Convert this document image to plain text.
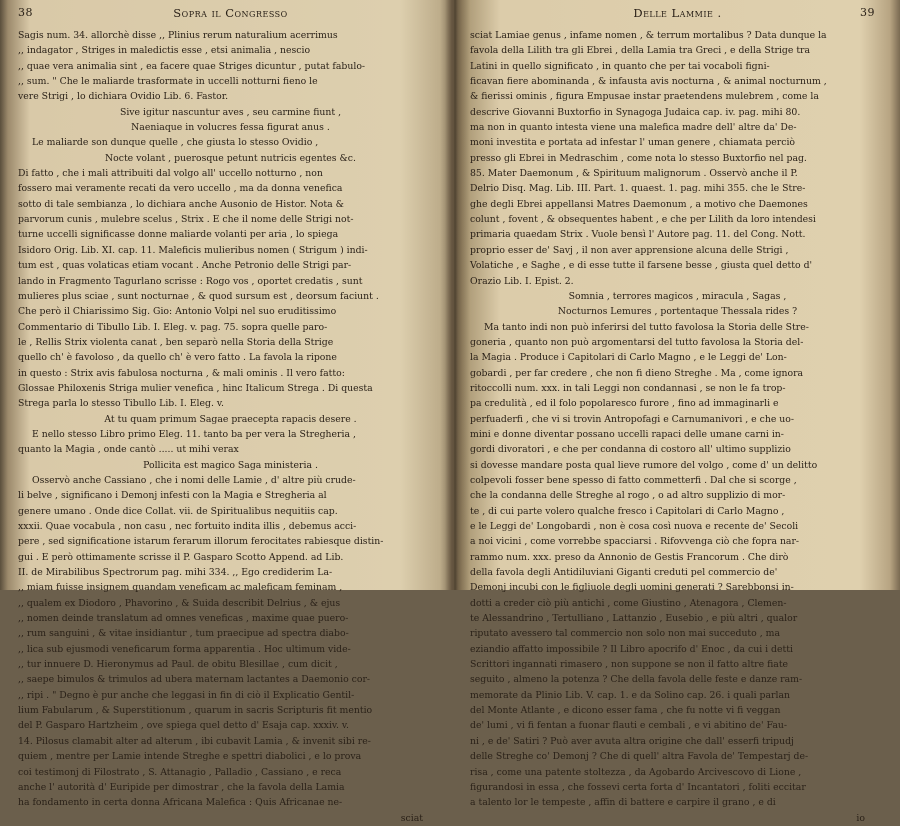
38	Sopra il Congresso
Sagis num. 34. allorchè disse ,, Plinius rerum naturalium acerrimus
,, indagator , Striges in maledictis esse , etsi animalia , nescio
,, quae vera animalia sint , ea facere quae Striges dicuntur , putat fabulo-
,, sum. " Che le maliarde trasformate in uccelli notturni fieno le
vere Strigi , lo dichiara Ovidio Lib. 6. Fastor.
Sive igitur nascuntur aves , seu carmine fiunt ,
Naeniaque in volucres fessa figurat anus .
Le maliarde son dunque quelle , che giusta lo stesso Ovidio ,
Nocte volant , puerosque petunt nutricis egentes &c.
Di fatto , che i mali attribuiti dal volgo all' uccello notturno , non
fossero mai veramente recati da vero uccello , ma da donna venefica
sotto di tale sembianza , lo dichiara anche Ausonio de Histor. Nota &
parvorum cunis , mulebre scelus , Strix . E che il nome delle Strigi not-
turne uccelli significasse donne maliarde volanti per aria , lo spiega
Isidoro Orig. Lib. XI. cap. 11. Maleficis mulieribus nomen ( Strigum ) indi-
tum est , quas volaticas etiam vocant . Anche Petronio delle Strigi par-
lando in Fragmento Tagurlano scrisse : Rogo vos , oportet credatis , sunt
mulieres plus sciae , sunt nocturnae , & quod sursum est , deorsum faciunt .
Che però il Chiarissimo Sig. Gio: Antonio Volpi nel suo eruditissimo
Commentario di Tibullo Lib. I. Eleg. v. pag. 75. sopra quelle paro-
le , Rellis Strix violenta canat , ben separò nella Storia della Strige
quello ch' è favoloso , da quello ch' è vero fatto . La favola la ripone
in questo : Strix avis fabulosa nocturna , & mali ominis . Il vero fatto:
Glossae Philoxenis Striga mulier venefica , hinc Italicum Strega . Di questa
Strega parla lo stesso Tibullo Lib. I. Eleg. v.
At tu quam primum Sagae praecepta rapacis desere .
E nello stesso Libro primo Eleg. 11. tanto ba per vera la Stregheria ,
quanto la Magia , onde cantò ..... ut mihi verax
Pollicita est magico Saga ministeria .
Osservò anche Cassiano , che i nomi delle Lamie , d' altre più crude-
li belve , significano i Demonj infesti con la Magia e Stregheria al
genere umano . Onde dice Collat. vii. de Spiritualibus nequitiis cap.
xxxii. Quae vocabula , non casu , nec fortuito indita illis , debemus acci-
pere , sed significatione istarum ferarum illorum ferocitates rabiesque distin-
gui . E però ottimamente scrisse il P. Gasparo Scotto Append. ad Lib.
II. de Mirabilibus Spectrorum pag. mihi 334. ,, Ego crediderim La-
,, miam fuisse insignem quandam veneficam ac maleficam feminam ,
,, qualem ex Diodoro , Phavorino , & Suida describit Delrius , & ejus
,, nomen deinde translatum ad omnes veneficas , maxime quae puero-
,, rum sanguini , & vitae insidiantur , tum praecipue ad spectra diabo-
,, lica sub ejusmodi veneficarum forma apparentia . Hoc ultimum vide-
,, tur innuere D. Hieronymus ad Paul. de obitu Blesillae , cum dicit ,
,, saepe bimulos & trimulos ad ubera maternam lactantes a Daemonio cor-
,, ripi . " Degno è pur anche che leggasi in fin di ciò il Explicatio Gentil-
lium Fabularum , & Superstitionum , quarum in sacris Scripturis fit mentio
del P. Gasparo Hartzheim , ove spiega quel detto d' Esaja cap. xxxiv. v.
14. Pilosus clamabit alter ad alterum , ibi cubavit Lamia , & invenit sibi re-
quiem , mentre per Lamie intende Streghe e spettri diabolici , e lo prova
coi testimonj di Filostrato , S. Attanagio , Palladio , Cassiano , e reca
anche l' autorità d' Euripide per dimostrar , che la favola della Lamia
ha fondamento in certa donna Africana Malefica : Quis Africanae ne-
sciat
Delle Lammie .	39
sciat Lamiae genus , infame nomen , & terrum mortalibus ? Data dunque la
favola della Lilith tra gli Ebrei , della Lamia tra Greci , e della Strige tra
Latini in quello significato , in quanto che per tai vocaboli figni-
ficavan fiere abominanda , & infausta avis nocturna , & animal nocturnum ,
& fierissi ominis , figura Empusae instar praetendens mulebrem , come la
descrive Giovanni Buxtorfio in Synagoga Judaica cap. iv. pag. mihi 80.
ma non in quanto intesta viene una malefica madre dell' altre da' De-
moni investita e portata ad infestar l' uman genere , chiamata perciò
presso gli Ebrei in Medraschim , come nota lo stesso Buxtorfio nel pag.
85. Mater Daemonum , & Spirituum malignorum . Osservò anche il P.
Delrio Disq. Mag. Lib. III. Part. 1. quaest. 1. pag. mihi 355. che le Stre-
ghe degli Ebrei appellansi Matres Daemonum , a motivo che Daemones
colunt , fovent , & obsequentes habent , e che per Lilith da loro intendesi
primaria quaedam Strix . Vuole bensì l' Autore pag. 11. del Cong. Nott.
proprio esser de' Savj , il non aver apprensione alcuna delle Strigi ,
Volatiche , e Saghe , e di esse tutte il farsene besse , giusta quel detto d'
Orazio Lib. I. Epist. 2.
Somnia , terrores magicos , miracula , Sagas ,
Nocturnos Lemures , portentaque Thessala rides ?
Ma tanto indi non può inferirsi del tutto favolosa la Storia delle Stre-
goneria , quanto non può argomentarsi del tutto favolosa la Storia del-
la Magia . Produce i Capitolari di Carlo Magno , e le Leggi de' Lon-
gobardi , per far credere , che non fi dieno Streghe . Ma , come ignora
ritoccolli num. xxx. in tali Leggi non condannasi , se non le fa trop-
pa credulità , ed il folo popolaresco furore , fino ad immaginarli e
perfuaderfi , che vi si trovin Antropofagi e Carnumanivori , e che uo-
mini e donne diventar possano uccelli rapaci delle umane carni in-
gordi divoratori , e che per condanna di costoro all' ultimo supplizio
si dovesse mandare posta qual lieve rumore del volgo , come d' un delitto
colpevoli fosser bene spesso di fatto commetterfi . Dal che si scorge ,
che la condanna delle Streghe al rogo , o ad altro supplizio di mor-
te , di cui parte volero qualche fresco i Capitolari di Carlo Magno ,
e le Leggi de' Longobardi , non è cosa così nuova e recente de' Secoli
a noi vicini , come vorrebbe spacciarsi . Rifovvenga ciò che fopra nar-
rammo num. xxx. preso da Annonio de Gestis Francorum . Che dirò
della favola degli Antidiluviani Giganti creduti pel commercio de'
Demonj incubi con le figliuole degli uomini generati ? Sarebbonsi in-
dotti a creder ciò più antichi , come Giustino , Atenagora , Clemen-
te Alessandrino , Tertulliano , Lattanzio , Eusebio , e più altri , qualor
riputato avessero tal commercio non solo non mai succeduto , ma
eziandio affatto impossibile ? Il Libro apocrifo d' Enoc , da cui i detti
Scrittori ingannati rimasero , non suppone se non il fatto altre fiate
seguito , almeno la potenza ? Che della favola delle feste e danze ram-
memorate da Plinio Lib. V. cap. 1. e da Solino cap. 26. i quali parlan
del Monte Atlante , e dicono esser fama , che fu notte vi fi veggan
de' lumi , vi fi fentan a fuonar flauti e cembali , e vi abitino de' Fau-
ni , e de' Satiri ? Può aver avuta altra origine che dall' esserfi tripudj
delle Streghe co' Demonj ? Che di quell' altra Favola de' Tempestarj de-
risa , come una patente stoltezza , da Agobardo Arcivescovo di Lione ,
figurandosi in essa , che fossevi certa forta d' Incantatori , foliti eccitar
a talento lor le tempeste , affin di battere e carpire il grano , e di
io
